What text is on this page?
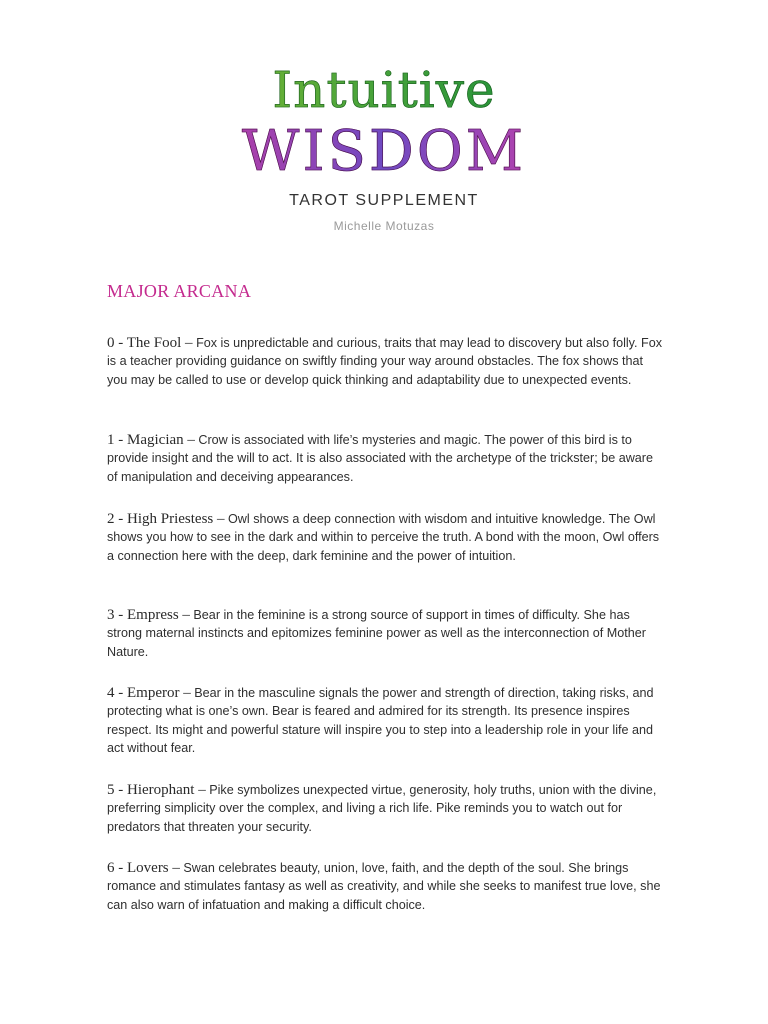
Intuitive
WISDOM
TAROT SUPPLEMENT
Michelle Motuzas
MAJOR ARCANA

0 - The Fool – Fox is unpredictable and curious, traits that may lead to discovery but also folly. Fox is a teacher providing guidance on swiftly finding your way around obstacles. The fox shows that you may be called to use or develop quick thinking and adaptability due to unexpected events.

1 - Magician – Crow is associated with life’s mysteries and magic. The power of this bird is to provide insight and the will to act. It is also associated with the archetype of the trickster; be aware of manipulation and deceiving appearances.

2 - High Priestess – Owl shows a deep connection with wisdom and intuitive knowledge. The Owl shows you how to see in the dark and within to perceive the truth. A bond with the moon, Owl offers a connection here with the deep, dark feminine and the power of intuition.

3 - Empress – Bear in the feminine is a strong source of support in times of difficulty. She has strong maternal instincts and epitomizes feminine power as well as the interconnection of Mother Nature.

4 - Emperor – Bear in the masculine signals the power and strength of direction, taking risks, and protecting what is one’s own. Bear is feared and admired for its strength. Its presence inspires respect. Its might and powerful stature will inspire you to step into a leadership role in your life and act without fear.

5 - Hierophant – Pike symbolizes unexpected virtue, generosity, holy truths, union with the divine, preferring simplicity over the complex, and living a rich life. Pike reminds you to watch out for predators that threaten your security.

6 - Lovers – Swan celebrates beauty, union, love, faith, and the depth of the soul. She brings romance and stimulates fantasy as well as creativity, and while she seeks to manifest true love, she can also warn of infatuation and making a difficult choice.
